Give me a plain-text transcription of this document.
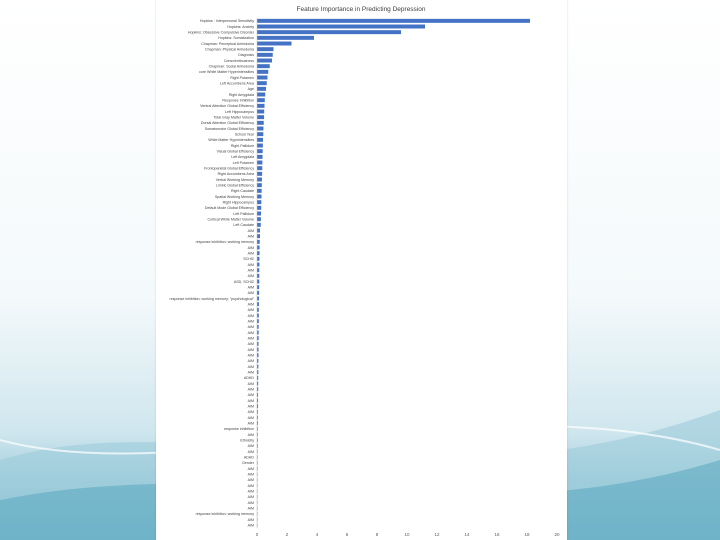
Feature Importance in Predicting Depression
Hopkins : Interpersonal Sensitivity
Hopkins: Anxiety
Hopkins: Obsessive Compulsive Disorder
Hopkins: Somatization
Chapman: Perceptual Anhedonia
Chapman: Physical Anhedonia
Diagnosis
Conscientiousness
Chapman: Social Anhedonia
core White Matter Hyperintensities
Right Putamen
Left Accumbens Area
Age
Right Amygdala
Response Inhibition
Ventral Attention Global Efficiency
Left Hippocampus
Total Gray Matter Volume
Dorsal Attention Global Efficiency
Somatomotor Global Efficiency
School Year
White Matter Hypointensities
Right Pallidum
Visual Global Efficiency
Left Amygdala
Left Putamen
Frontoparietal Global Efficiency
Right Accumbens Area
Verbal Working Memory
Limbic Global Efficiency
Right Caudate
Spatial Working Memory
Right Hippocampus
Default Mode Global Efficiency
Left Pallidum
Cortical White Matter Volume
Left Caudate
AIM
AIM
response inhibition; working memory
AIM
AIM
SCHIZ
AIM
AIM
AIM
ASD, SCHIZ
AIM
AIM
response inhibition; working memory; "psychological"
AIM
AIM
AIM
AIM
AIM
AIM
AIM
AIM
AIM
AIM
AIM
AIM
AIM
ADHD
AIM
AIM
AIM
AIM
AIM
AIM
AIM
AIM
response inhibition
AIM
Ethnicity
AIM
AIM
ADHD
Gender
AIM
AIM
AIM
AIM
AIM
AIM
AIM
AIM
response inhibition; working memory
AIM
AIM
0	2	4	6	8	10	12	14	16	18	20
